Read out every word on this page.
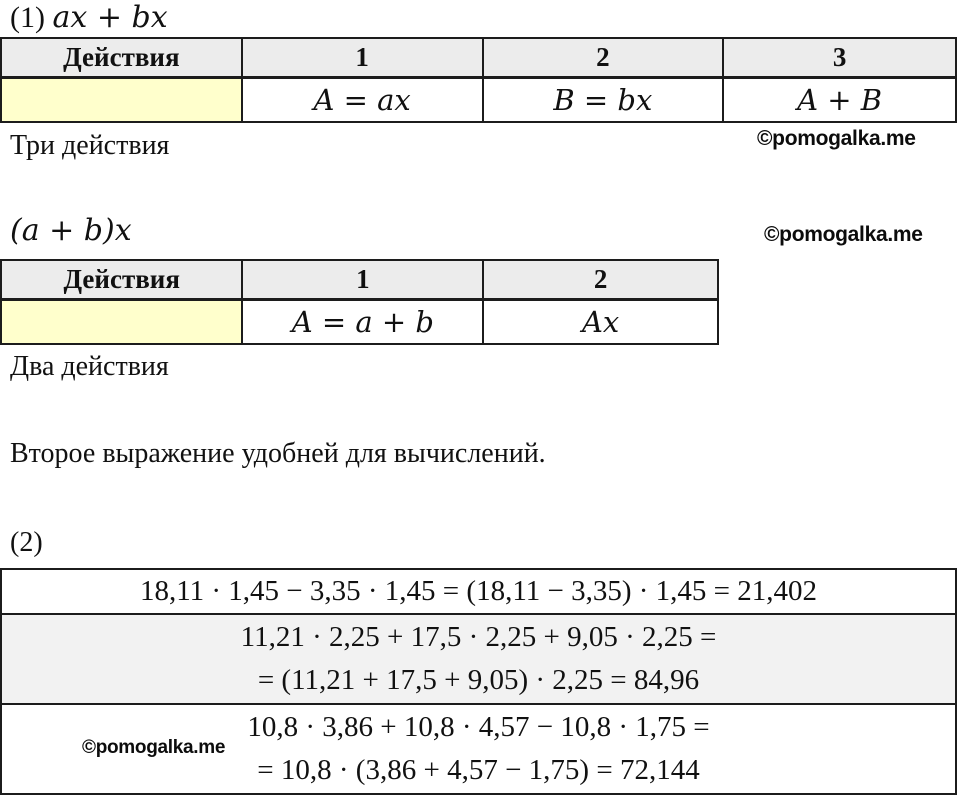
(1) ax + bx
Действия	1	2	3
	A = ax	B = bx	A + B
Три действия	©pomogalka.me
(a + b)x	©pomogalka.me
Действия	1	2
	A = a + b	Ax
Два действия
Второе выражение удобней для вычислений.
(2)
18,11 · 1,45 − 3,35 · 1,45 = (18,11 − 3,35) · 1,45 = 21,402

11,21 · 2,25 + 17,5 · 2,25 + 9,05 · 2,25 =
= (11,21 + 17,5 + 9,05) · 2,25 = 84,96

10,8 · 3,86 + 10,8 · 4,57 − 10,8 · 1,75 =
= 10,8 · (3,86 + 4,57 − 1,75) = 72,144
©pomogalka.me
